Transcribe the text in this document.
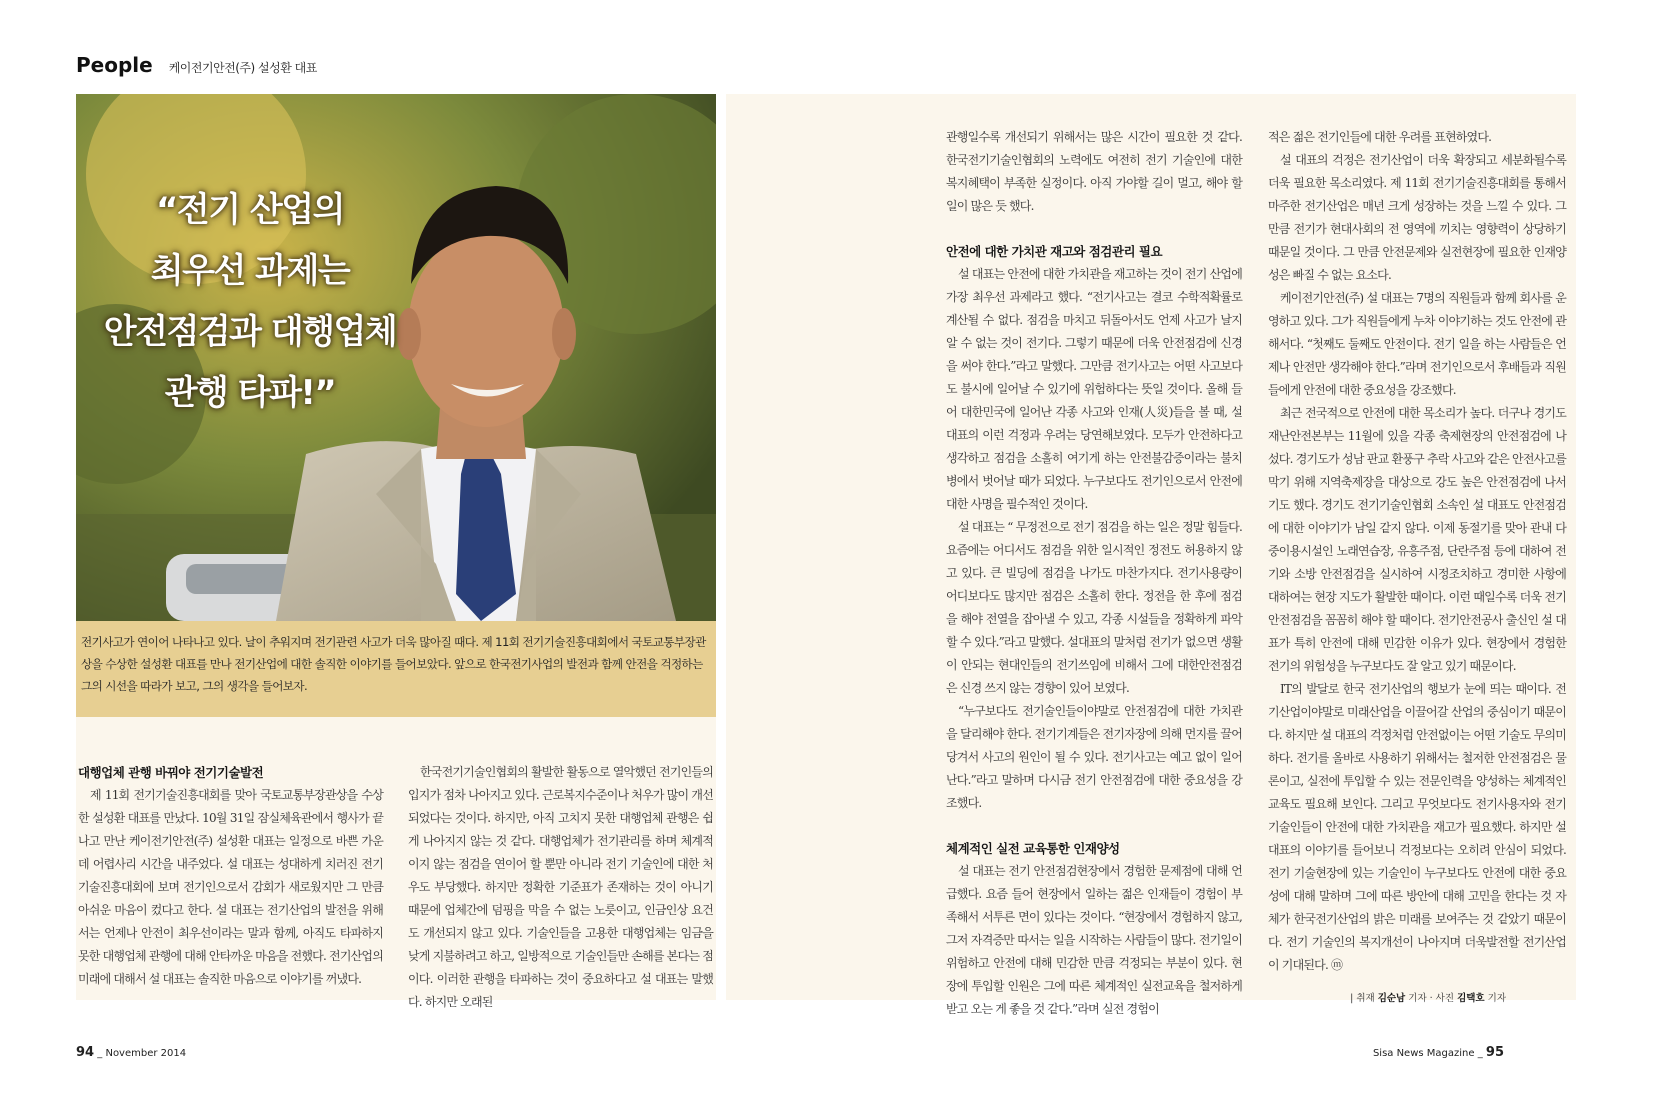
People 케이전기안전(주) 설성환 대표
“전기 산업의
최우선 과제는
안전점검과 대행업체
관행 타파!”

전기사고가 연이어 나타나고 있다. 날이 추워지며 전기관련 사고가 더욱 많아질 때다. 제 11회 전기기술진흥대회에서 국토교통부장관상을 수상한 설성환 대표를 만나 전기산업에 대한 솔직한 이야기를 들어보았다. 앞으로 한국전기사업의 발전과 함께 안전을 걱정하는 그의 시선을 따라가 보고, 그의 생각을 들어보자.

대행업체 관행 바꿔야 전기기술발전

제 11회 전기기술진흥대회를 맞아 국토교통부장관상을 수상한 설성환 대표를 만났다. 10월 31일 잠실체육관에서 행사가 끝나고 만난 케이전기안전(주) 설성환 대표는 일정으로 바쁜 가운데 어렵사리 시간을 내주었다. 설 대표는 성대하게 치러진 전기기술진흥대회에 보며 전기인으로서 감회가 새로웠지만 그 만큼 아쉬운 마음이 컸다고 한다. 설 대표는 전기산업의 발전을 위해서는 언제나 안전이 최우선이라는 말과 함께, 아직도 타파하지 못한 대행업체 관행에 대해 안타까운 마음을 전했다. 전기산업의 미래에 대해서 설 대표는 솔직한 마음으로 이야기를 꺼냈다.

한국전기기술인협회의 활발한 활동으로 열악했던 전기인들의 입지가 점차 나아지고 있다. 근로복지수준이나 처우가 많이 개선되었다는 것이다. 하지만, 아직 고치지 못한 대행업체 관행은 쉽게 나아지지 않는 것 같다. 대행업체가 전기관리를 하며 체계적이지 않는 점검을 연이어 할 뿐만 아니라 전기 기술인에 대한 처우도 부당했다. 하지만 정확한 기준표가 존재하는 것이 아니기 때문에 업체간에 덤핑을 막을 수 없는 노릇이고, 인금인상 요건도 개선되지 않고 있다. 기술인들을 고용한 대행업체는 임금을 낮게 지불하려고 하고, 일방적으로 기술인들만 손해를 본다는 점이다. 이러한 관행을 타파하는 것이 중요하다고 설 대표는 말했다. 하지만 오래된

관행일수록 개선되기 위해서는 많은 시간이 필요한 것 같다. 한국전기기술인협회의 노력에도 여전히 전기 기술인에 대한 복지혜택이 부족한 실정이다. 아직 가야할 길이 멀고, 해야 할 일이 많은 듯 했다.

안전에 대한 가치관 재고와 점검관리 필요

설 대표는 안전에 대한 가치관을 재고하는 것이 전기 산업에 가장 최우선 과제라고 했다. “전기사고는 결코 수학적확률로 계산될 수 없다. 점검을 마치고 뒤돌아서도 언제 사고가 날지 알 수 없는 것이 전기다. 그렇기 때문에 더욱 안전점검에 신경을 써야 한다.”라고 말했다. 그만큼 전기사고는 어떤 사고보다도 불시에 일어날 수 있기에 위험하다는 뜻일 것이다. 올해 들어 대한민국에 일어난 각종 사고와 인재(人災)들을 볼 때, 설 대표의 이런 걱정과 우려는 당연해보였다. 모두가 안전하다고 생각하고 점검을 소홀히 여기게 하는 안전불감증이라는 불치병에서 벗어날 때가 되었다. 누구보다도 전기인으로서 안전에 대한 사명을 필수적인 것이다.

설 대표는 “ 무정전으로 전기 점검을 하는 일은 정말 힘들다. 요즘에는 어디서도 점검을 위한 일시적인 정전도 허용하지 않고 있다. 큰 빌딩에 점검을 나가도 마찬가지다. 전기사용량이 어디보다도 많지만 점검은 소홀히 한다. 정전을 한 후에 점검을 해야 전열을 잡아낼 수 있고, 각종 시설들을 정확하게 파악할 수 있다.”라고 말했다. 설대표의 말처럼 전기가 없으면 생활이 안되는 현대인들의 전기쓰임에 비해서 그에 대한안전점검은 신경 쓰지 않는 경향이 있어 보였다.

“누구보다도 전기술인들이야말로 안전점검에 대한 가치관을 달리해야 한다. 전기기계들은 전기자장에 의해 먼지를 끌어 당겨서 사고의 원인이 될 수 있다. 전기사고는 예고 없이 일어난다.”라고 말하며 다시금 전기 안전점검에 대한 중요성을 강조했다.

체계적인 실전 교육통한 인재양성

설 대표는 전기 안전점검현장에서 경험한 문제점에 대해 언급했다. 요즘 들어 현장에서 일하는 젊은 인재들이 경험이 부족해서 서투른 면이 있다는 것이다. “현장에서 경험하지 않고, 그저 자격증만 따서는 일을 시작하는 사람들이 많다. 전기일이 위험하고 안전에 대해 민감한 만큼 걱정되는 부분이 있다. 현장에 투입할 인원은 그에 따른 체계적인 실전교육을 철저하게 받고 오는 게 좋을 것 같다.”라며 실전 경험이

적은 젊은 전기인들에 대한 우려를 표현하였다.

설 대표의 걱정은 전기산업이 더욱 확장되고 세분화될수록 더욱 필요한 목소리였다. 제 11회 전기기술진흥대회를 통해서 마주한 전기산업은 매년 크게 성장하는 것을 느낄 수 있다. 그 만큼 전기가 현대사회의 전 영역에 끼치는 영향력이 상당하기 때문일 것이다. 그 만큼 안전문제와 실전현장에 필요한 인재양성은 빠질 수 없는 요소다.

케이전기안전(주) 설 대표는 7명의 직원들과 함께 회사를 운영하고 있다. 그가 직원들에게 누차 이야기하는 것도 안전에 관해서다. “첫째도 둘째도 안전이다. 전기 일을 하는 사람들은 언제나 안전만 생각해야 한다.”라며 전기인으로서 후배들과 직원들에게 안전에 대한 중요성을 강조했다.

최근 전국적으로 안전에 대한 목소리가 높다. 더구나 경기도 재난안전본부는 11월에 있을 각종 축제현장의 안전점검에 나섰다. 경기도가 성남 판교 환풍구 추락 사고와 같은 안전사고를 막기 위해 지역축제장을 대상으로 강도 높은 안전점검에 나서기도 했다. 경기도 전기기술인협회 소속인 설 대표도 안전점검에 대한 이야기가 남일 같지 않다. 이제 동절기를 맞아 관내 다중이용시설인 노래연습장, 유흥주점, 단란주점 등에 대하여 전기와 소방 안전점검을 실시하여 시정조치하고 경미한 사항에 대하여는 현장 지도가 활발한 때이다. 이런 때일수록 더욱 전기 안전점검을 꼼꼼히 해야 할 때이다. 전기안전공사 출신인 설 대표가 특히 안전에 대해 민감한 이유가 있다. 현장에서 경험한 전기의 위험성을 누구보다도 잘 알고 있기 때문이다.

IT의 발달로 한국 전기산업의 행보가 눈에 띄는 때이다. 전기산업이야말로 미래산업을 이끌어갈 산업의 중심이기 때문이다. 하지만 설 대표의 걱정처럼 안전없이는 어떤 기술도 무의미하다. 전기를 올바로 사용하기 위해서는 철저한 안전점검은 물론이고, 실전에 투입할 수 있는 전문인력을 양성하는 체계적인 교육도 필요해 보인다. 그리고 무엇보다도 전기사용자와 전기 기술인들이 안전에 대한 가치관을 재고가 필요했다. 하지만 설 대표의 이야기를 들어보니 걱정보다는 오히려 안심이 되었다. 전기 기술현장에 있는 기술인이 누구보다도 안전에 대한 중요성에 대해 말하며 그에 따른 방안에 대해 고민을 한다는 것 자체가 한국전기산업의 밝은 미래를 보여주는 것 같았기 때문이다. 전기 기술인의 복지개선이 나아지며 더욱발전할 전기산업이 기대된다. ⓜ

| 취재 김순남 기자 · 사진 김택호 기자
94 _ November 2014	Sisa News Magazine _ 95
